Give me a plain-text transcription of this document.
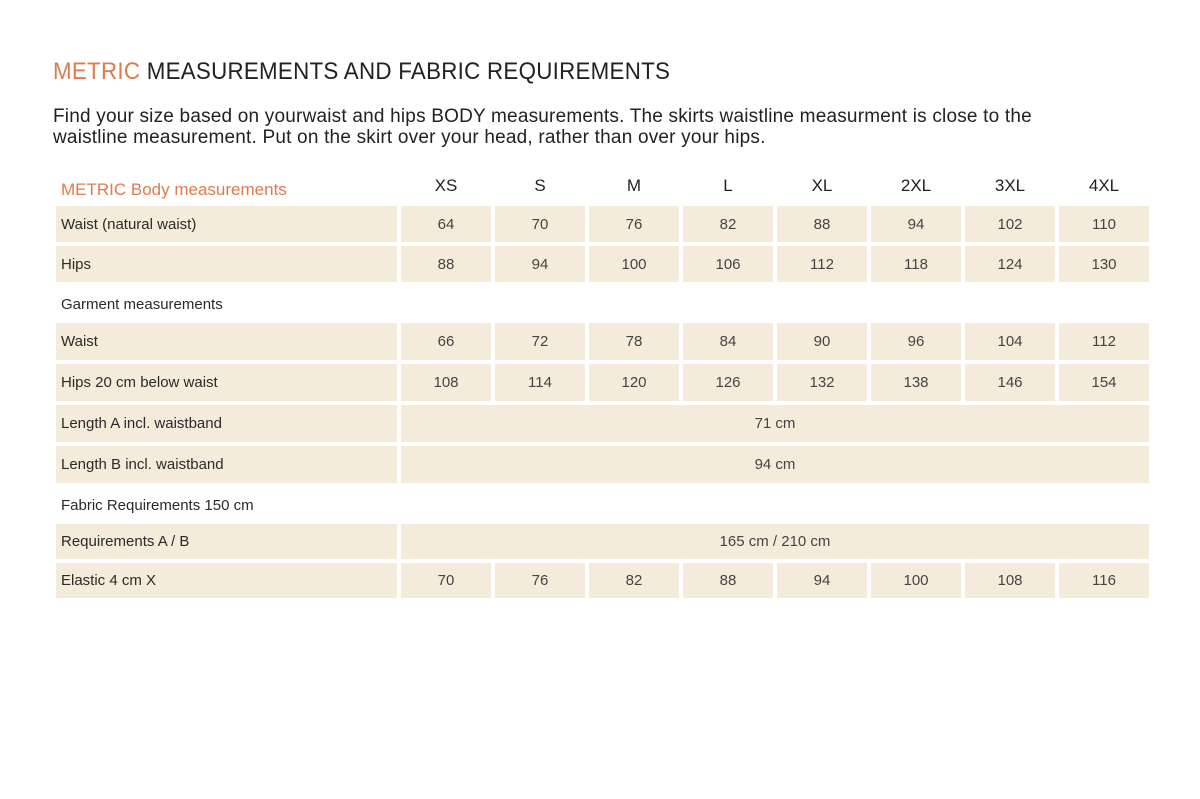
METRIC MEASUREMENTS AND FABRIC REQUIREMENTS
Find your size based on yourwaist and hips BODY measurements. The skirts waistline measurment is close to the waistline measurement. Put on the skirt over your head, rather than over your hips.
METRIC Body measurements	XS	S	M	L	XL	2XL	3XL	4XL
Waist (natural waist)	64	70	76	82	88	94	102	110
Hips	88	94	100	106	112	118	124	130
Garment measurements
Waist	66	72	78	84	90	96	104	112
Hips 20 cm below waist	108	114	120	126	132	138	146	154
Length A incl. waistband	71 cm
Length B incl. waistband	94 cm
Fabric Requirements 150 cm
Requirements A / B	165 cm / 210 cm
Elastic 4 cm X	70	76	82	88	94	100	108	116
